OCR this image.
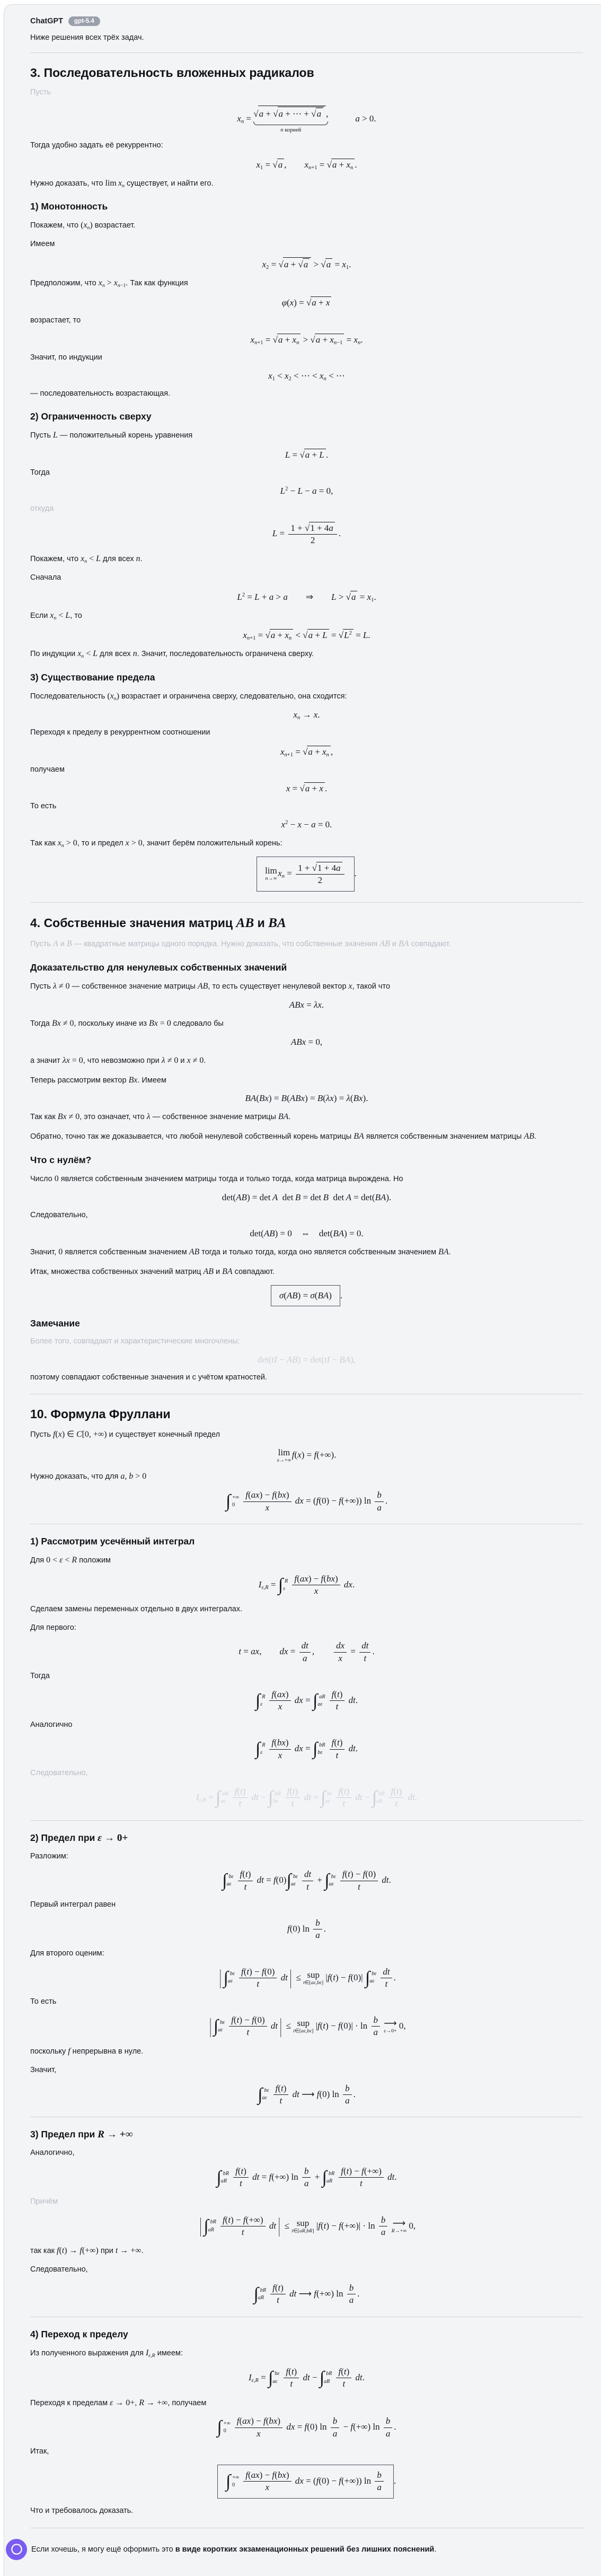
ChatGPT	gpt-5.4

Ниже решения всех трёх задач.

3. Последовательность вложенных радикалов
Пусть
$x_n = √a + √a$ + ⋯ + √a ,
n корней
a > 0.
Тогда удобно задать её рекуррентно:
$x_1 = √a$ , $x_{n+1} = √a + x_n$ .
Нужно доказать, что $\lim x_n$ существует, и найти его.
1) Монотонность
Покажем, что $(x_n)$ возрастает.
Имеем
$x_2 = √a + √a > √a = x_1$.
Предположим, что $x_n > x_{n-1}$. Так как функция
φ(x) = √a + x
возрастает, то
$x_{n+1} = √a + x_n > √a + x_{n-1} = x_n$.
Значит, по индукции
$x_1 < x_2$ < ⋯ < $x_n$ < ⋯
— последовательность возрастающая.
2) Ограниченность сверху
Пусть L — положительный корень уравнения
L = √a + L .
Тогда
$L^2 - L - a = 0$,
откуда
$L = \frac{1 + √1 + 4a}{2}$ .
Покажем, что $x_n < L$ для всех n.
Сначала
$L^2 = L + a > a$ ⇒ $L > √a = x_1$.
Если $x_n < L$, то
$x_{n+1} = √a + x_n < √a + L = √L^2 = L$.
По индукции $x_n < L$ для всех n. Значит, последовательность ограничена сверху.
3) Существование предела
Последовательность $(x_n)$ возрастает и ограничена сверху, следовательно, она сходится:
$x_n \to x$.
Переходя к пределу в рекуррентном соотношении
$x_{n+1} = √a + x_n$ ,
получаем
x = √a + x .
То есть
$x^2 - x - a = 0$.
Так как $x_n > 0$, то и предел x > 0, значит берём положительный корень:
lim
n→∞
 $x_n = \frac{1 + √1 + 4a}{2}$ .
4. Собственные значения матриц AB и BA
Пусть A и B — квадратные матрицы одного порядка. Нужно доказать, что собственные значения AB и BA совпадают.
Доказательство для ненулевых собственных значений
Пусть λ ≠ 0 — собственное значение матрицы AB, то есть существует ненулевой вектор x, такой что
ABx = λx.
Тогда Bx ≠ 0, поскольку иначе из Bx = 0 следовало бы
ABx = 0,
а значит λx = 0, что невозможно при λ ≠ 0 и x ≠ 0.
Теперь рассмотрим вектор Bx. Имеем
BA(Bx) = B(ABx) = B(λx) = λ(Bx).
Так как Bx ≠ 0, это означает, что λ — собственное значение матрицы BA.
Обратно, точно так же доказывается, что любой ненулевой собственный корень матрицы BA является собственным значением матрицы AB.
Что с нулём?
Число 0 является собственным значением матрицы тогда и только тогда, когда матрица вырождена. Но
det(AB) = det A det B = det B det A = det(BA).
Следовательно,
det(AB) = 0 ⇔ det(BA) = 0.
Значит, 0 является собственным значением AB тогда и только тогда, когда оно является собственным значением BA.
Итак, множества собственных значений матриц AB и BA совпадают.
σ(AB) = σ(BA) .
Замечание
Более того, совпадают и характеристические многочлены:
det(tI − AB) = det(tI − BA),
поэтому совпадают собственные значения и с учётом кратностей.
10. Формула Фруллани
Пусть f(x) ∈ C[0, +∞) и существует конечный предел
lim
x→+∞
 f(x) = f(+∞).
Нужно доказать, что для a, b > 0
∫ +∞
$0 \frac{f(ax) - f(bx)}{x}$ dx = (f(0) − f(+∞)) $\ln \frac{b}{a}$ .
1) Рассмотрим усечённый интеграл
Для 0 < ε < R положим
$I_{\varepsilon,R}$ = ∫ R
ε $\frac{f(ax) - f(bx)}{x}$ dx.
Сделаем замены переменных отдельно в двух интегралах.
Для первого:
t = ax, dx = $\frac{dt}{a}$ , $\frac{dx}{x} = \frac{dt}{t}$ .
Тогда
∫ R
ε $\frac{f(ax)}{x}$ dx = ∫ aR
aε $\frac{f(t)}{t}$ dt.
Аналогично
∫ R
ε $\frac{f(bx)}{x}$ dx = ∫ bR
bε $\frac{f(t)}{t}$ dt.
Следовательно,
$I_{\varepsilon,R}$ = ∫ aR
aε $\frac{f(t)}{t}$ dt − ∫ bR
bε $\frac{f(t)}{t}$ dt = ∫ bε
aε $\frac{f(t)}{t}$ dt − ∫ bR
aR $\frac{f(t)}{t}$ dt.
2) Предел при ε → 0+
Разложим:
∫ bε
aε $\frac{f(t)}{t}$ dt = f(0)∫ bε
aε $\frac{dt}{t}$ + ∫ bε
aε $\frac{f(t) - f(0)}{t}$ dt.
Первый интеграл равен
f(0) $\ln \frac{b}{a}$ .
Для второго оценим:
| ∫ bε
aε $\frac{f(t) - f(0)}{t}$ dt | ≤ sup
t∈[aε,bε]
|f(t) − f(0)| ∫ bε
aε $\frac{dt}{t}$ .
То есть
| ∫ bε
aε $\frac{f(t) - f(0)}{t}$ dt | ≤ sup
t∈[aε,bε]
$|f(t) - f(0)| \cdot \ln \frac{b}{a}$
⟶
ε→0+
0,
поскольку f непрерывна в нуле.
Значит,
∫ bε
aε $\frac{f(t)}{t}$ dt ⟶ f(0) $\ln \frac{b}{a}$ .
3) Предел при R → +∞
Аналогично,
∫ bR
aR $\frac{f(t)}{t}$ dt = f(+∞) $\ln \frac{b}{a}$ + ∫ bR
aR $\frac{f(t) - f(+\infty)}{t}$ dt.
Причём
| ∫ bR
aR $\frac{f(t) - f(+\infty)}{t}$ dt | ≤ sup
t∈[aR,bR]
$|f(t) - f(+\infty)| \cdot \ln \frac{b}{a}$
⟶
R→+∞
0,
так как f(t) → f(+∞) при t → +∞.
Следовательно,
∫ bR
aR $\frac{f(t)}{t}$ dt ⟶ f(+∞) $\ln \frac{b}{a}$ .
4) Переход к пределу
Из полученного выражения для $I_{\varepsilon,R}$ имеем:
$I_{\varepsilon,R}$ = ∫ bε
aε $\frac{f(t)}{t}$ dt − ∫ bR
aR $\frac{f(t)}{t}$ dt.
Переходя к пределам ε → 0+, R → +∞, получаем
∫ +∞
$0 \frac{f(ax) - f(bx)}{x}$ dx = f(0) $\ln \frac{b}{a} - f(+\infty)$ $\ln \frac{b}{a}$ .
Итак,
∫ +∞
$0 \frac{f(ax) - f(bx)}{x}$ dx = (f(0) − f(+∞)) $\ln \frac{b}{a}$ .
Что и требовалось доказать.

Если хочешь, я могу ещё оформить это в виде коротких экзаменационных решений без лишних пояснений.
